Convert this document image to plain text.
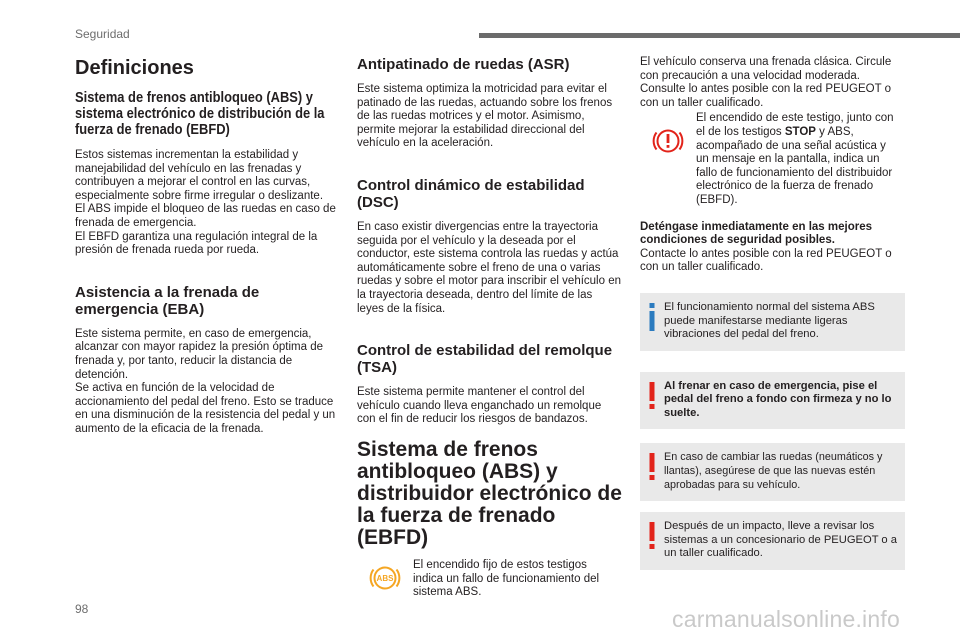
Seguridad
Definiciones
Sistema de frenos antibloqueo (ABS) y sistema electrónico de distribución de la fuerza de frenado (EBFD)

Estos sistemas incrementan la estabilidad y manejabilidad del vehículo en las frenadas y contribuyen a mejorar el control en las curvas, especialmente sobre firme irregular o deslizante.

El ABS impide el bloqueo de las ruedas en caso de frenada de emergencia.

El EBFD garantiza una regulación integral de la presión de frenada rueda por rueda.

Asistencia a la frenada de emergencia (EBA)

Este sistema permite, en caso de emergencia, alcanzar con mayor rapidez la presión óptima de frenada y, por tanto, reducir la distancia de detención.

Se activa en función de la velocidad de accionamiento del pedal del freno. Esto se traduce en una disminución de la resistencia del pedal y un aumento de la eficacia de la frenada.

Antipatinado de ruedas (ASR)

Este sistema optimiza la motricidad para evitar el patinado de las ruedas, actuando sobre los frenos de las ruedas motrices y el motor. Asimismo, permite mejorar la estabilidad direccional del vehículo en la aceleración.

Control dinámico de estabilidad (DSC)

En caso existir divergencias entre la trayectoria seguida por el vehículo y la deseada por el conductor, este sistema controla las ruedas y actúa automáticamente sobre el freno de una o varias ruedas y sobre el motor para inscribir el vehículo en la trayectoria deseada, dentro del límite de las leyes de la física.

Control de estabilidad del remolque (TSA)

Este sistema permite mantener el control del vehículo cuando lleva enganchado un remolque con el fin de reducir los riesgos de bandazos.

Sistema de frenos antibloqueo (ABS) y distribuidor electrónico de la fuerza de frenado (EBFD)
ABS

El encendido fijo de estos testigos indica un fallo de funcionamiento del sistema ABS.

El vehículo conserva una frenada clásica. Circule con precaución a una velocidad moderada.

Consulte lo antes posible con la red PEUGEOT o con un taller cualificado.

El encendido de este testigo, junto con el de los testigos STOP y ABS, acompañado de una señal acústica y un mensaje en la pantalla, indica un fallo de funcionamiento del distribuidor electrónico de la fuerza de frenado (EBFD).

Deténgase inmediatamente en las mejores condiciones de seguridad posibles.

Contacte lo antes posible con la red PEUGEOT o con un taller cualificado.

El funcionamiento normal del sistema ABS puede manifestarse mediante ligeras vibraciones del pedal del freno.

Al frenar en caso de emergencia, pise el pedal del freno a fondo con firmeza y no lo suelte.

En caso de cambiar las ruedas (neumáticos y llantas), asegúrese de que las nuevas estén aprobadas para su vehículo.

Después de un impacto, lleve a revisar los sistemas a un concesionario de PEUGEOT o a un taller cualificado.

98	carmanualsonline.info
